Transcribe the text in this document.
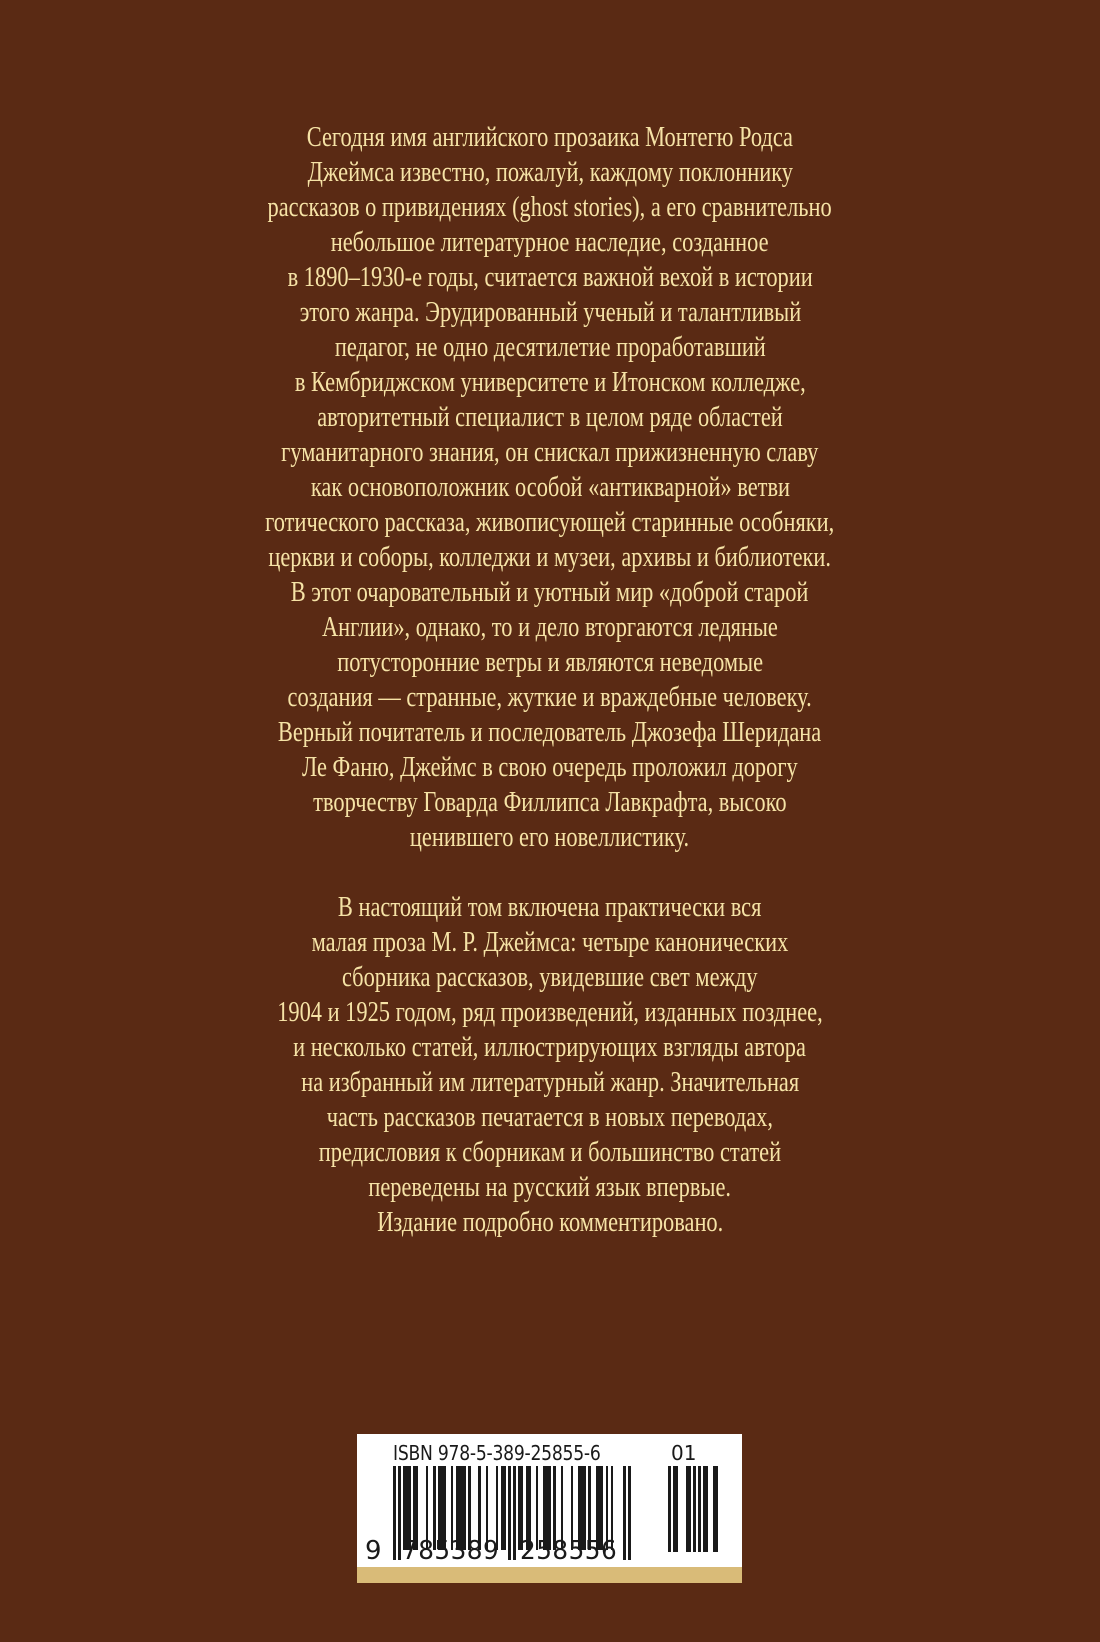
Сегодня имя английского прозаика Монтегю Родса
Джеймса известно, пожалуй, каждому поклоннику
рассказов о привидениях (ghost stories), а его сравнительно
небольшое литературное наследие, созданное
в 1890–1930-е годы, считается важной вехой в истории
этого жанра. Эрудированный ученый и талантливый
педагог, не одно десятилетие проработавший
в Кембриджском университете и Итонском колледже,
авторитетный специалист в целом ряде областей
гуманитарного знания, он снискал прижизненную славу
как основоположник особой «антикварной» ветви
готического рассказа, живописующей старинные особняки,
церкви и соборы, колледжи и музеи, архивы и библиотеки.
В этот очаровательный и уютный мир «доброй старой
Англии», однако, то и дело вторгаются ледяные
потусторонние ветры и являются неведомые
создания — странные, жуткие и враждебные человеку.
Верный почитатель и последователь Джозефа Шеридана
Ле Фаню, Джеймс в свою очередь проложил дорогу
творчеству Говарда Филлипса Лавкрафта, высоко
ценившего его новеллистику.
В настоящий том включена практически вся
малая проза М. Р. Джеймса: четыре канонических
сборника рассказов, увидевшие свет между
1904 и 1925 годом, ряд произведений, изданных позднее,
и несколько статей, иллюстрирующих взгляды автора
на избранный им литературный жанр. Значительная
часть рассказов печатается в новых переводах,
предисловия к сборникам и большинство статей
переведены на русский язык впервые.
Издание подробно комментировано.
ISBN 978-5-389-25855-6	01
9 785389 258556
